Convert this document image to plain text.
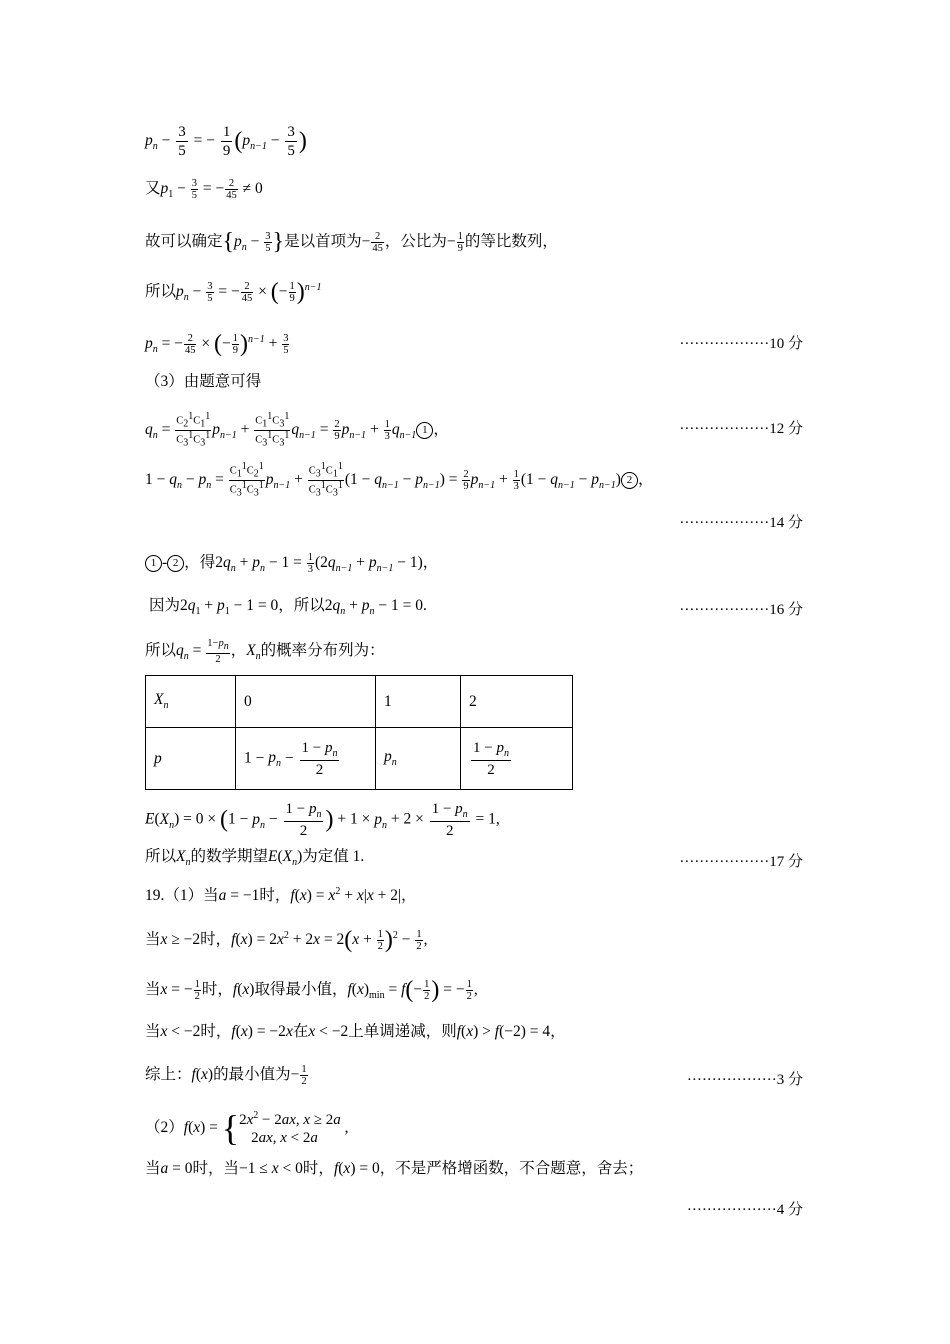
$p_n - \frac{3}{5}$ = − $\frac{1}{9} (p_{n-1} - \frac{3}{5}$ )
又$p_1 - \frac{3}{5}$ = − $\frac{2}{45} \ne 0$
故可以确定{$p_n - \frac{3}{5}$ }是以首项为− $\frac{2}{45}$ ，公比为− $\frac{1}{9}$ 的等比数列，
所以$p_n - \frac{3}{5}$ = − $\frac{2}{45}$ × (− $\frac{1}{9} )^{n-1}$
$p_n$ = − $\frac{2}{45}$ × (− $\frac{1}{9} )^{n-1} + \frac{3}{5}$	··················10 分
（3）由题意可得
$q_n = \frac{C_2^1C_1^1}{C_3^1C_3^1} p_{n-1} + \frac{C_1^1C_3^1}{C_3^1C_3^1} q_{n-1} = \frac{2}{9} p_{n-1} + \frac{1}{3} q_{n-1}$ 1 ，	··················12 分
$1 - q_n - p_n = \frac{C_1^1C_2^1}{C_3^1C_3^1} p_{n-1} + \frac{C_3^1C_1^1}{C_3^1C_3^1} (1 - q_{n-1} - p_{n-1}) = \frac{2}{9} p_{n-1} + \frac{1}{3} (1 - q_{n-1} - p_{n-1})$ 2 ，
··················14 分
1 - 2 ，得$2q_n + p_n - 1 = \frac{1}{3} (2q_{n-1} + p_{n-1} - 1)$，
因为$2q_1 + p_1 - 1 = 0$，所以$2q_n + p_n - 1 = 0$.	··················16 分
所以$q_n = \frac{1-p_n}{2}$ ，$X_n$的概率分布列为：
$X_n$	0	1	2
p	$1 - p_n - \frac{1 - p_n}{2}$	$p_n$	$\frac{1 - p_n}{2}$
$E(X_n) = 0 \times (1 - p_n - \frac{1 - p_n}{2}$ ) + $1 \times p_n + 2 \times \frac{1 - p_n}{2} = 1$,
所以$X_n$的数学期望$E(X_n)$为定值 1.	··················17 分
19.（1）当a = −1时，$f(x) = x^2 + x|x + 2|$，
当x ≥ −2时，$f(x) = 2x^2 + 2x = 2(x + \frac{1}{2} )^2 - \frac{1}{2}$ ,
当x = − $\frac{1}{2}$ 时，f(x)取得最小值，$f(x)_{min} = f(- \frac{1}{2}$ ) = − $\frac{1}{2}$ ,
当x < −2时，f(x) = −2x在x < −2上单调递减，则f(x) > f(−2) = 4，
综上：f(x)的最小值为− $\frac{1}{2}$	··················3 分
（2）f(x) = { $2x^2 - 2ax$, x ≥ 2a
2ax, x < 2a
,
当a = 0时，当−1 ≤ x < 0时，f(x) = 0，不是严格增函数，不合题意，舍去；
··················4 分
